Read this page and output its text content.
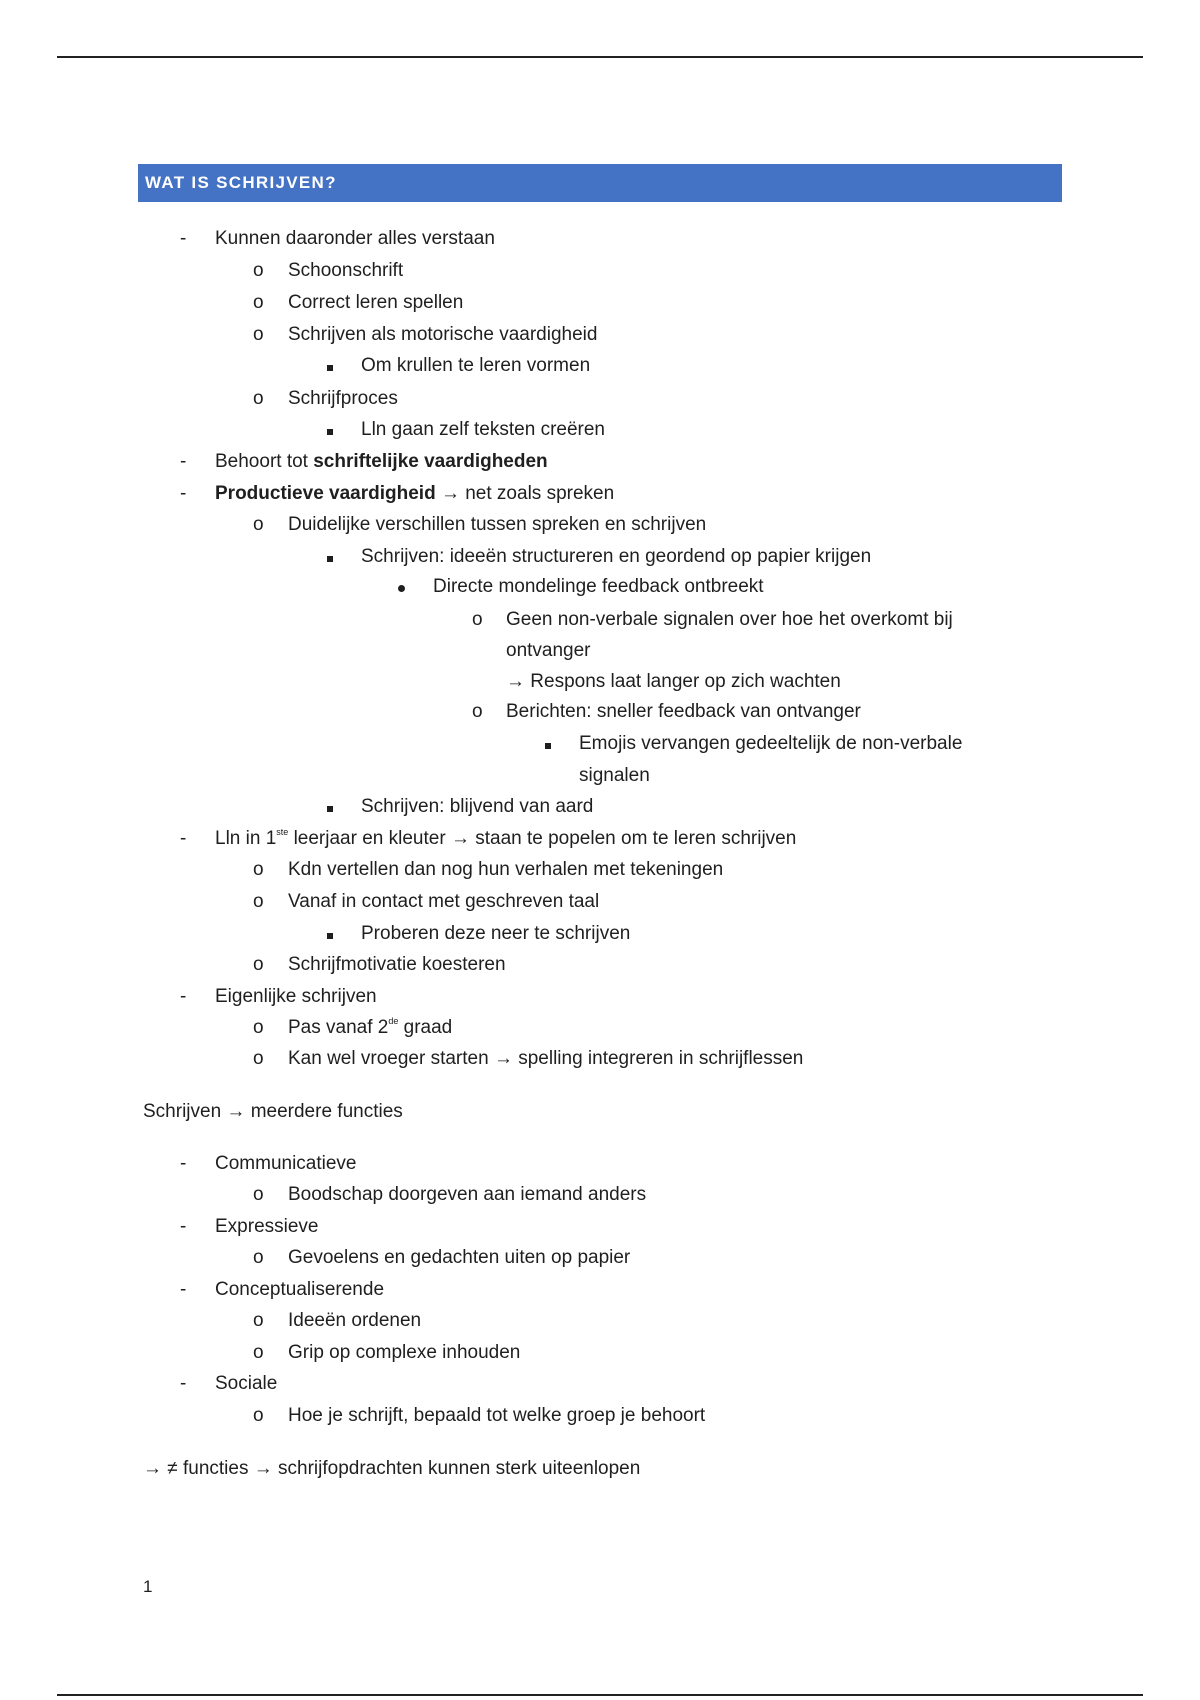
WAT IS SCHRIJVEN?
- Kunnen daaronder alles verstaan
o Schoonschrift
o Correct leren spellen
o Schrijven als motorische vaardigheid
Om krullen te leren vormen
o Schrijfproces
Lln gaan zelf teksten creëren
- Behoort tot schriftelijke vaardigheden
- Productieve vaardigheid → net zoals spreken
o Duidelijke verschillen tussen spreken en schrijven
Schrijven: ideeën structureren en geordend op papier krijgen
Directe mondelinge feedback ontbreekt
o Geen non-verbale signalen over hoe het overkomt bij
ontvanger
→ Respons laat langer op zich wachten
o Berichten: sneller feedback van ontvanger
Emojis vervangen gedeeltelijk de non-verbale
signalen
Schrijven: blijvend van aard
- Lln in 1ste leerjaar en kleuter → staan te popelen om te leren schrijven
o Kdn vertellen dan nog hun verhalen met tekeningen
o Vanaf in contact met geschreven taal
Proberen deze neer te schrijven
o Schrijfmotivatie koesteren
- Eigenlijke schrijven
o Pas vanaf 2de graad
o Kan wel vroeger starten → spelling integreren in schrijflessen
Schrijven → meerdere functies
- Communicatieve
o Boodschap doorgeven aan iemand anders
- Expressieve
o Gevoelens en gedachten uiten op papier
- Conceptualiserende
o Ideeën ordenen
o Grip op complexe inhouden
- Sociale
o Hoe je schrijft, bepaald tot welke groep je behoort
→ ≠ functies → schrijfopdrachten kunnen sterk uiteenlopen
1
